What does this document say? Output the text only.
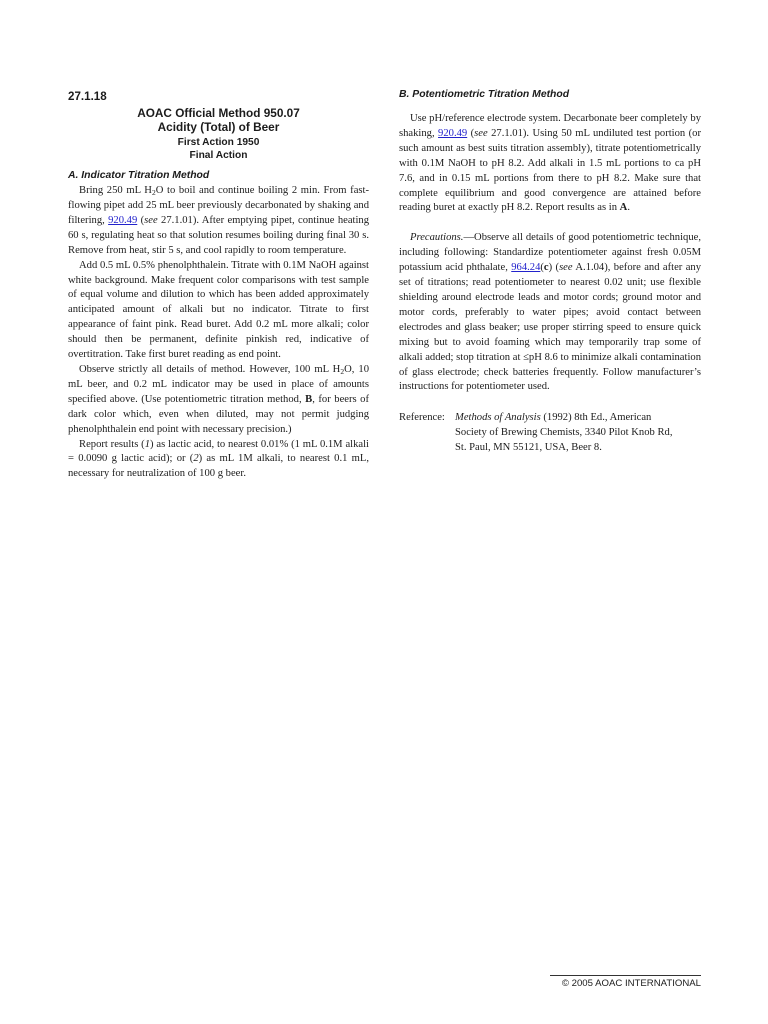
27.1.18
AOAC Official Method 950.07
Acidity (Total) of Beer
First Action 1950
Final Action
A. Indicator Titration Method

Bring 250 mL $H_2O$ to boil and continue boiling 2 min. From fast-flowing pipet add 25 mL beer previously decarbonated by shaking and filtering, 920.49 (see 27.1.01). After emptying pipet, continue heating 60 s, regulating heat so that solution resumes boiling during final 30 s. Remove from heat, stir 5 s, and cool rapidly to room temperature.

Add 0.5 mL 0.5% phenolphthalein. Titrate with 0.1M NaOH against white background. Make frequent color comparisons with test sample of equal volume and dilution to which has been added approximately anticipated amount of alkali but no indicator. Titrate to first appearance of faint pink. Read buret. Add 0.2 mL more alkali; color should then be permanent, definite pinkish red, indicative of overtitration. Take first buret reading as end point.

Observe strictly all details of method. However, 100 mL $H_2O$, 10 mL beer, and 0.2 mL indicator may be used in place of amounts specified above. (Use potentiometric titration method, B, for beers of dark color which, even when diluted, may not permit judging phenolphthalein end point with necessary precision.)

Report results (1) as lactic acid, to nearest 0.01% (1 mL 0.1M alkali = 0.0090 g lactic acid); or (2) as mL 1M alkali, to nearest 0.1 mL, necessary for neutralization of 100 g beer.

B. Potentiometric Titration Method

Use pH/reference electrode system. Decarbonate beer completely by shaking, 920.49 (see 27.1.01). Using 50 mL undiluted test portion (or such amount as best suits titration assembly), titrate potentiometrically with 0.1M NaOH to pH 8.2. Add alkali in 1.5 mL portions to ca pH 7.6, and in 0.15 mL portions from there to pH 8.2. Make sure that complete equilibrium and good convergence are attained before reading buret at exactly pH 8.2. Report results as in A.

Precautions.—Observe all details of good potentiometric technique, including following: Standardize potentiometer against fresh 0.05M potassium acid phthalate, 964.24(c) (see A.1.04), before and after any set of titrations; read potentiometer to nearest 0.02 unit; use flexible shielding around electrode leads and motor cords; ground motor and motor cords, preferably to water pipes; avoid contact between electrodes and glass beaker; use proper stirring speed to ensure quick mixing but to avoid foaming which may temporarily trap some of alkali added; stop titration at ≤pH 8.6 to minimize alkali contamination of glass electrode; check batteries frequently. Follow manufacturer’s instructions for potentiometer used.

Reference: Methods of Analysis (1992) 8th Ed., American
Society of Brewing Chemists, 3340 Pilot Knob Rd,
St. Paul, MN 55121, USA, Beer 8.
© 2005 AOAC INTERNATIONAL
